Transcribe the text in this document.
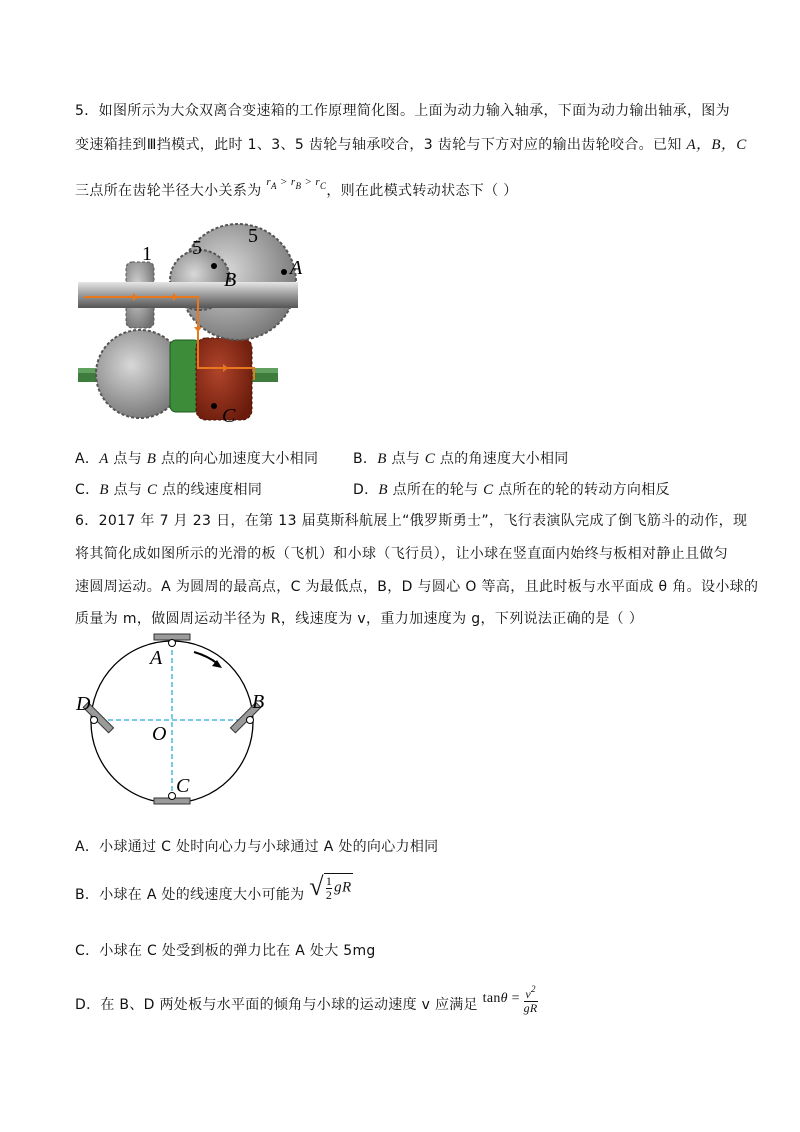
5．如图所示为大众双离合变速箱的工作原理简化图。上面为动力输入轴承，下面为动力输出轴承，图为
变速箱挂到Ⅲ挡模式，此时 1、3、5 齿轮与轴承咬合，3 齿轮与下方对应的输出齿轮咬合。已知 A，B，C
三点所在齿轮半径大小关系为 $^{r_A > r_B > r_C}$，则在此模式转动状态下（ ）
1 5
5
A
B
C
A．A 点与 B 点的向心加速度大小相同 B．B 点与 C 点的角速度大小相同
C．B 点与 C 点的线速度相同	D．B 点所在的轮与 C 点所在的轮的转动方向相反
6．2017 年 7 月 23 日，在第 13 届莫斯科航展上“俄罗斯勇士”，飞行表演队完成了倒飞筋斗的动作，现
将其简化成如图所示的光滑的板（飞机）和小球（飞行员），让小球在竖直面内始终与板相对静止且做匀
速圆周运动。A 为圆周的最高点，C 为最低点，B，D 与圆心 O 等高，且此时板与水平面成 θ 角。设小球的
质量为 m，做圆周运动半径为 R，线速度为 v，重力加速度为 g，下列说法正确的是（ ）
A
B
C
D
O
A．小球通过 C 处时向心力与小球通过 A 处的向心力相同
B．小球在 A 处的线速度大小可能为 √ $\frac{1}{2}$ gR
C．小球在 C 处受到板的弹力比在 A 处大 5mg
D．在 B、D 两处板与水平面的倾角与小球的运动速度 v 应满足 $\tan\theta = \frac{v^2}{gR}$
